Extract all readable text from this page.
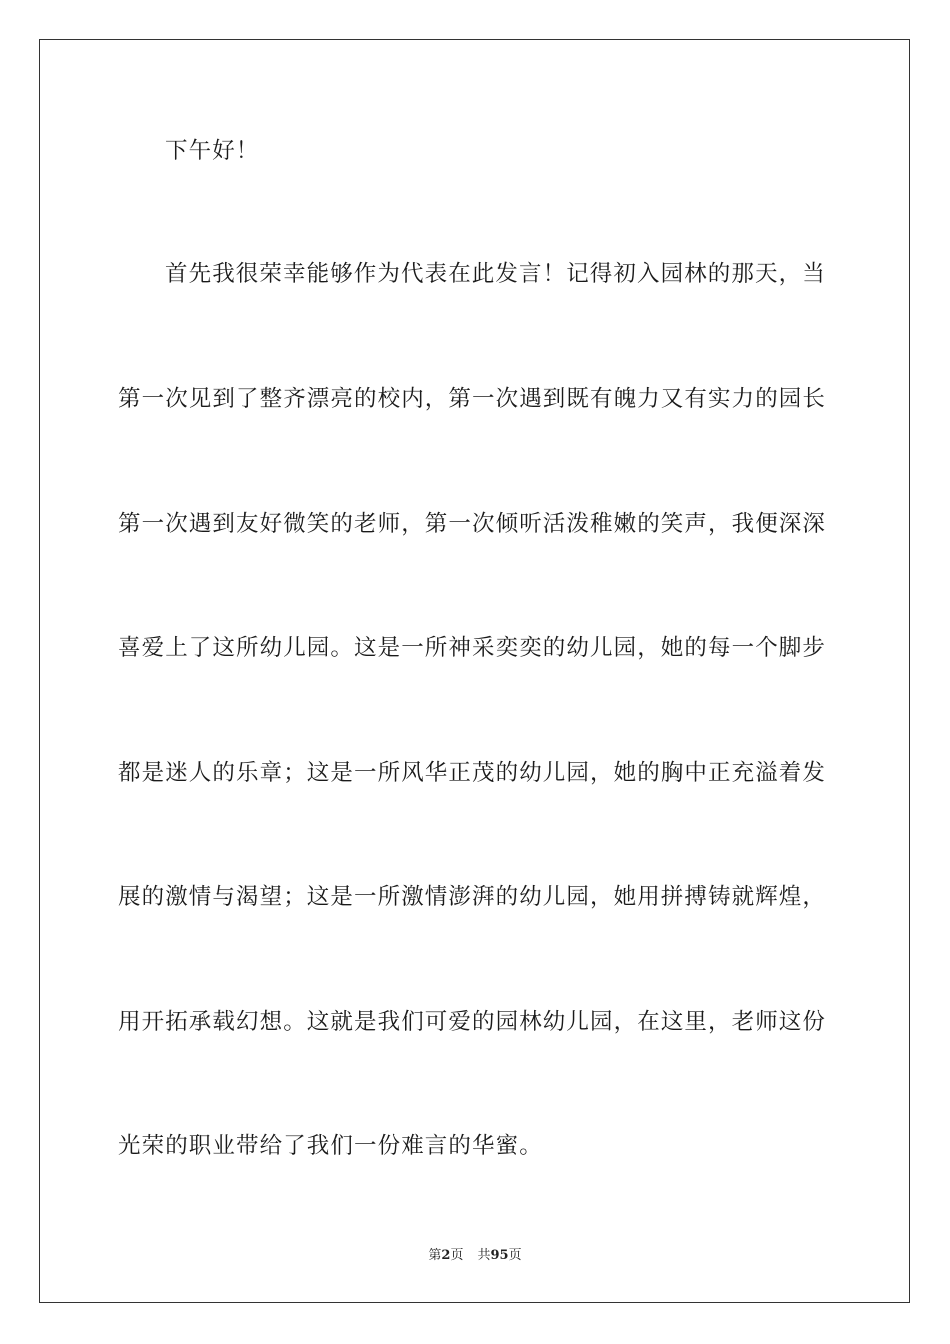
下午好！
首先我很荣幸能够作为代表在此发言！记得初入园林的那天，当
第一次见到了整齐漂亮的校内，第一次遇到既有魄力又有实力的园长
第一次遇到友好微笑的老师，第一次倾听活泼稚嫩的笑声，我便深深
喜爱上了这所幼儿园。这是一所神采奕奕的幼儿园，她的每一个脚步
都是迷人的乐章；这是一所风华正茂的幼儿园，她的胸中正充溢着发
展的激情与渴望；这是一所激情澎湃的幼儿园，她用拼搏铸就辉煌，
用开拓承载幻想。这就是我们可爱的园林幼儿园，在这里，老师这份
光荣的职业带给了我们一份难言的华蜜。
第2页 共95页
